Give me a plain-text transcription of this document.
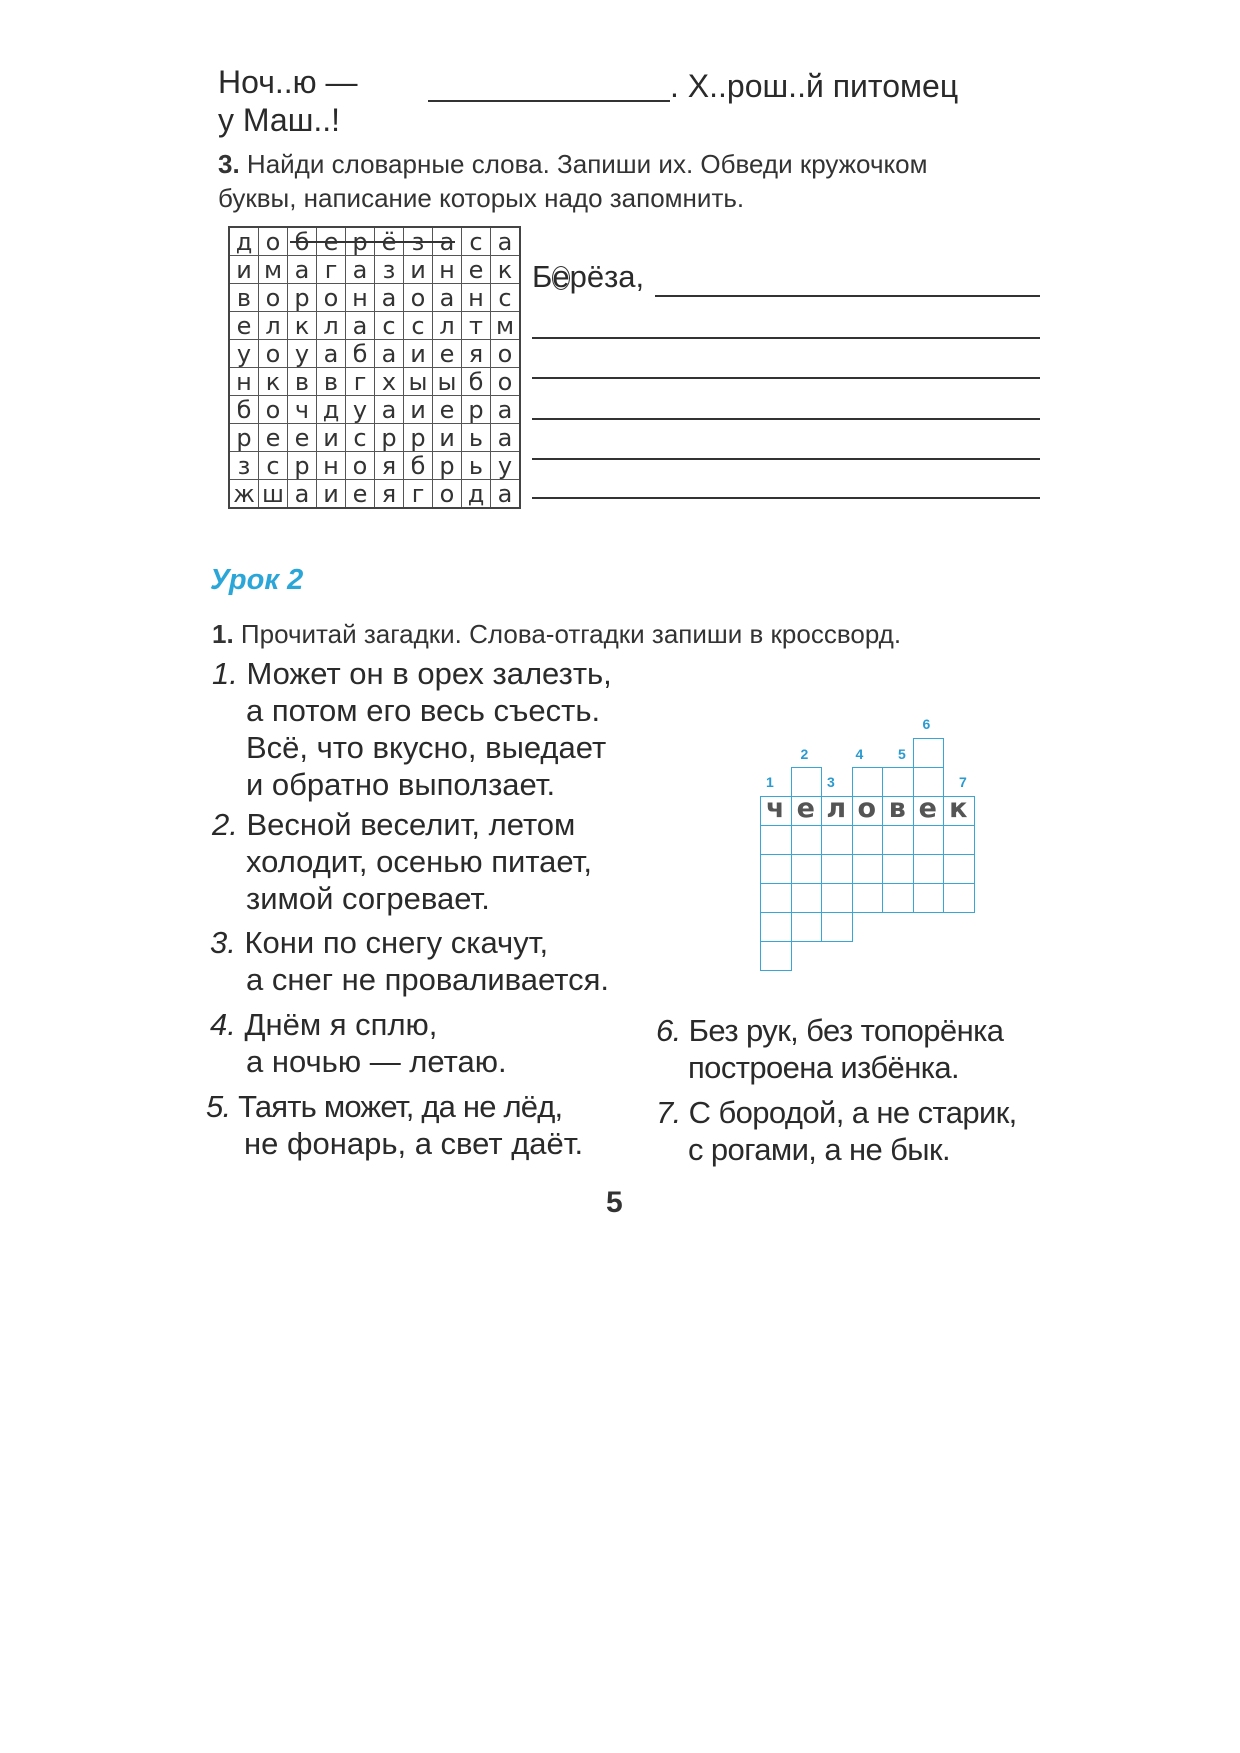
Ноч..ю —	. Х..рош..й питомец
у Маш..!
3. Найди словарные слова. Запиши их. Обведи кружочком
буквы, написание которых надо запомнить.
д	о	б	е	р	ё	з	а	с	а
и	м	а	г	а	з	и	н	е	к
в	о	р	о	н	а	о	а	н	с
е	л	к	л	а	с	с	л	т	м
у	о	у	а	б	а	и	е	я	о
н	к	в	в	г	х	ы	ы	б	о
б	о	ч	д	у	а	и	е	р	а
р	е	е	и	с	р	р	и	ь	а
з	с	р	н	о	я	б	р	ь	у
ж	ш	а	и	е	я	г	о	д	а
Берёза,
Урок 2
1. Прочитай загадки. Слова-отгадки запиши в кроссворд.
1. Может он в орех залезть,
а потом его весь съесть.
Всё, что вкусно, выедает
и обратно выползает.
2. Весной веселит, летом
холодит, осенью питает,
зимой согревает.
3. Кони по снегу скачут,
а снег не проваливается.
4. Днём я сплю,
а ночью — летаю.
5. Таять может, да не лёд,
не фонарь, а свет даёт.
6. Без рук, без топорёнка
построена избёнка.
7. С бородой, а не старик,
с рогами, а не бык.
ч
1
е
2
л
3
о
4
в
5
е
6
к
7
5
